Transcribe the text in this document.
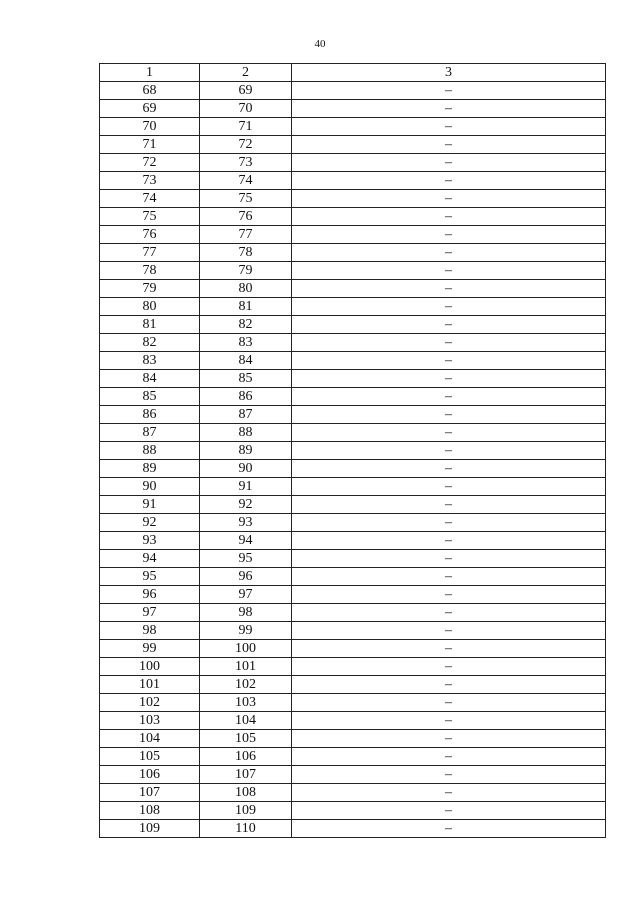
40
1	2	3
68	69	–
69	70	–
70	71	–
71	72	–
72	73	–
73	74	–
74	75	–
75	76	–
76	77	–
77	78	–
78	79	–
79	80	–
80	81	–
81	82	–
82	83	–
83	84	–
84	85	–
85	86	–
86	87	–
87	88	–
88	89	–
89	90	–
90	91	–
91	92	–
92	93	–
93	94	–
94	95	–
95	96	–
96	97	–
97	98	–
98	99	–
99	100	–
100	101	–
101	102	–
102	103	–
103	104	–
104	105	–
105	106	–
106	107	–
107	108	–
108	109	–
109	110	–
